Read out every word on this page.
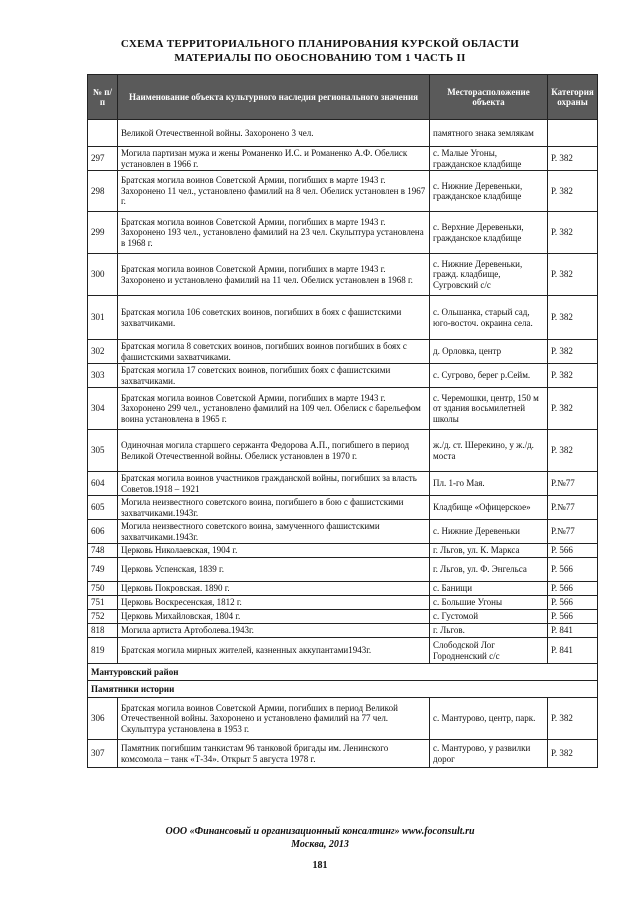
СХЕМА ТЕРРИТОРИАЛЬНОГО ПЛАНИРОВАНИЯ КУРСКОЙ ОБЛАСТИ
МАТЕРИАЛЫ ПО ОБОСНОВАНИЮ ТОМ 1 ЧАСТЬ II
№ п/п	Наименование объекта культурного наследия регионального значения	Месторасположение объекта	Категория охраны
	Великой Отечественной войны. Захоронено 3 чел.	памятного знака землякам	
297	Могила партизан мужа и жены Романенко И.С. и Романенко А.Ф. Обелиск установлен в 1966 г.	с. Малые Угоны, гражданское кладбище	Р. 382
298	Братская могила воинов Советской Армии, погибших в марте 1943 г. Захоронено 11 чел., установлено фамилий на 8 чел. Обелиск установлен в 1967 г.	с. Нижние Деревеньки, гражданское кладбище	Р. 382
299	Братская могила воинов Советской Армии, погибших в марте 1943 г. Захоронено 193 чел., установлено фамилий на 23 чел. Скульптура установлена в 1968 г.	с. Верхние Деревеньки, гражданское кладбище	Р. 382
300	Братская могила воинов Советской Армии, погибших в марте 1943 г. Захоронено и установлено фамилий на 11 чел. Обелиск установлен в 1968 г.	с. Нижние Деревеньки, гражд. кладбище, Сугровский с/с	Р. 382
301	Братская могила 106 советских воинов, погибших в боях с фашистскими захватчиками.	с. Ольшанка, старый сад, юго-восточ. окраина села.	Р. 382
302	Братская могила 8 советских воинов, погибших воинов погибших в боях с фашистскими захватчиками.	д. Орловка, центр	Р. 382
303	Братская могила 17 советских воинов, погибших боях с фашистскими захватчиками.	с. Сугрово, берег р.Сейм.	Р. 382
304	Братская могила воинов Советской Армии, погибших в марте 1943 г. Захоронено 299 чел., установлено фамилий на 109 чел. Обелиск с барельефом воина установлена в 1965 г.	с. Черемошки, центр, 150 м от здания восьмилетней школы	Р. 382
305	Одиночная могила старшего сержанта Федорова А.П., погибшего в период Великой Отечественной войны. Обелиск установлен в 1970 г.	ж./д. ст. Шерекино, у ж./д. моста	Р. 382
604	Братская могила воинов участников гражданской войны, погибших за власть Советов.1918 – 1921	Пл. 1-го Мая.	Р.№77
605	Могила неизвестного советского воина, погибшего в бою с фашистскими захватчиками.1943г.	Кладбище «Офицерское»	Р.№77
606	Могила неизвестного советского воина, замученного фашистскими захватчиками.1943г.	с. Нижние Деревеньки	Р.№77
748	Церковь Николаевская, 1904 г.	г. Льгов, ул. К. Маркса	Р. 566
749	Церковь Успенская, 1839 г.	г. Льгов, ул. Ф. Энгельса	Р. 566
750	Церковь Покровская. 1890 г.	с. Банищи	Р. 566
751	Церковь Воскресенская, 1812 г.	с. Большие Угоны	Р. 566
752	Церковь Михайловская, 1804 г.	с. Густомой	Р. 566
818	Могила артиста Артоболева.1943г.	г. Льгов.	Р. 841
819	Братская могила мирных жителей, казненных аккупантами1943г.	Слободской Лог Городненский с/с	Р. 841
Мантуровский район			
Памятники истории			
306	Братская могила воинов Советской Армии, погибших в период Великой Отечественной войны. Захоронено и установлено фамилий на 77 чел. Скульптура установлена в 1953 г.	с. Мантурово, центр, парк.	Р. 382
307	Памятник погибшим танкистам 96 танковой бригады им. Ленинского комсомола – танк «Т-34». Открыт 5 августа 1978 г.	с. Мантурово, у развилки дорог	Р. 382
ООО «Финансовый и организационный консалтинг» www.foconsult.ru
Москва, 2013
181
